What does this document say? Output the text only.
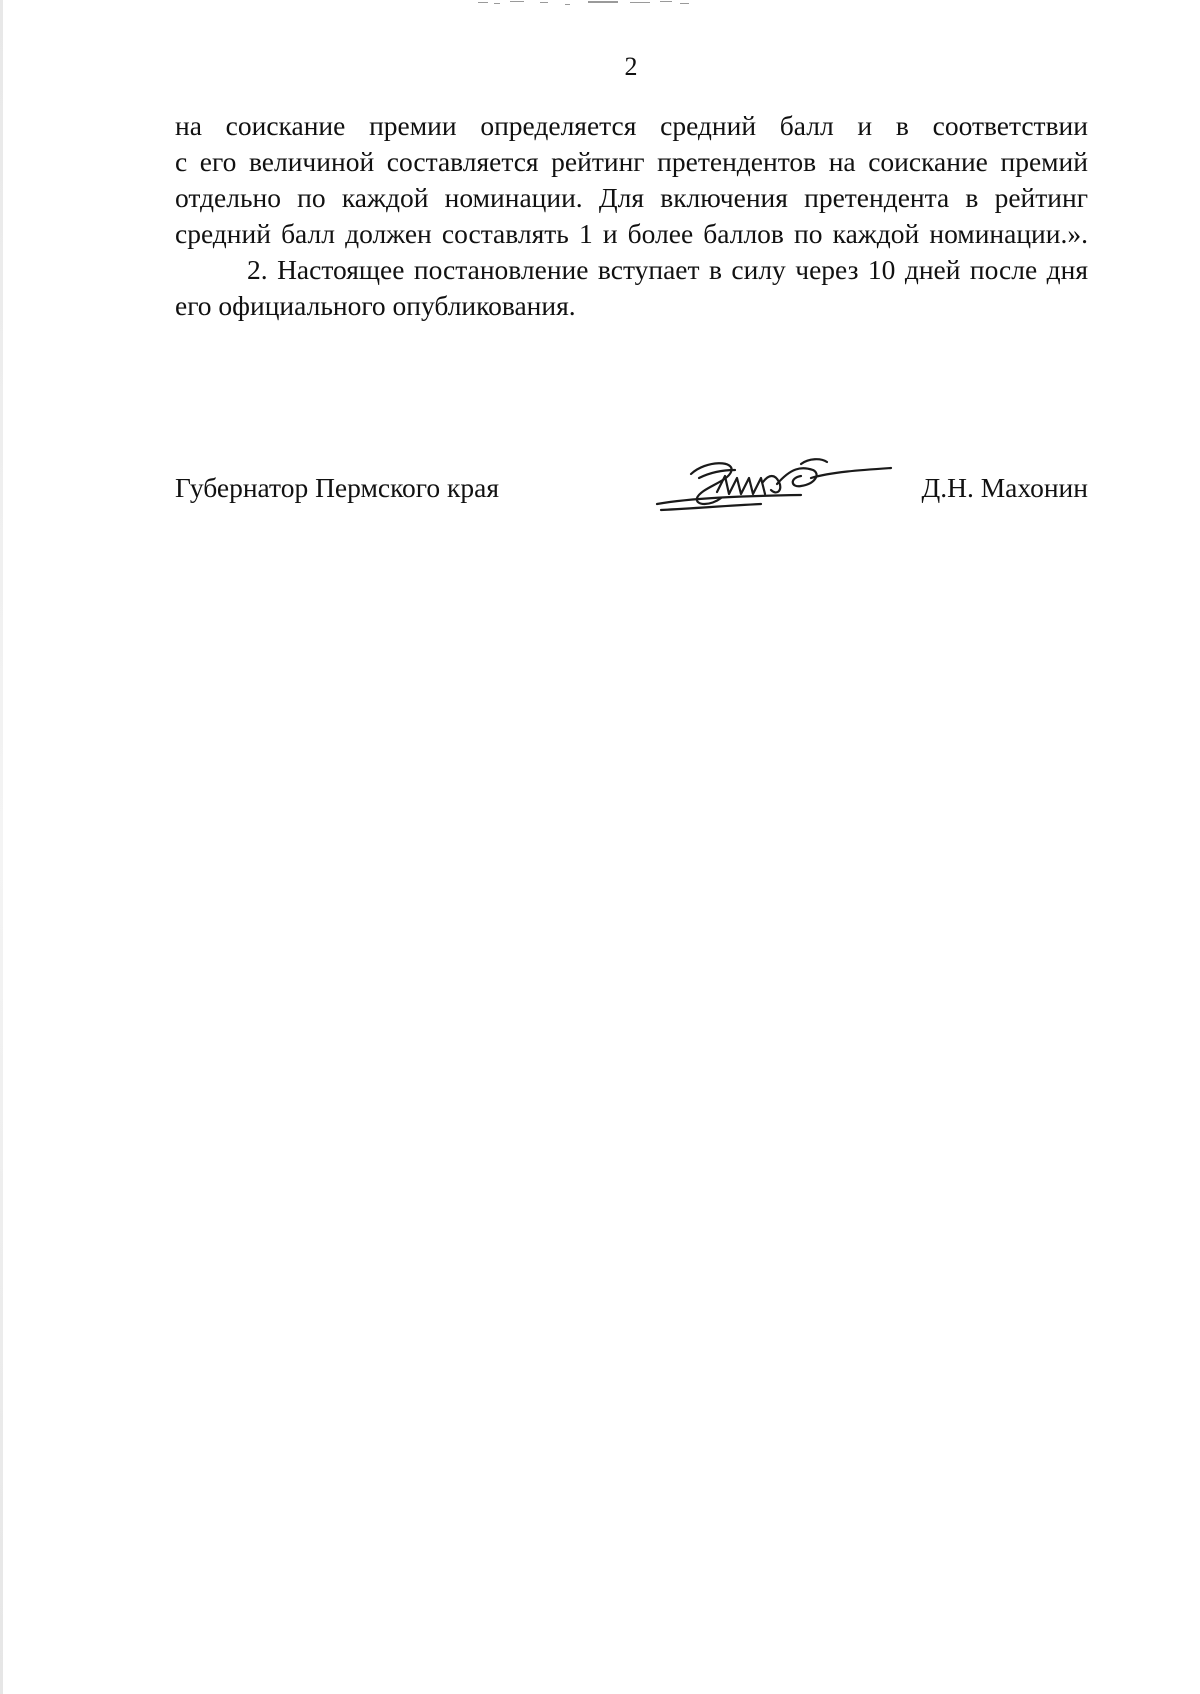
2

на соискание премии определяется средний балл и в соответствии
с его величиной составляется рейтинг претендентов на соискание премий
отдельно по каждой номинации. Для включения претендента в рейтинг
средний балл должен составлять 1 и более баллов по каждой номинации.».

2. Настоящее постановление вступает в силу через 10 дней после дня
его официального опубликования.

Губернатор Пермского края	Д.Н. Махонин
